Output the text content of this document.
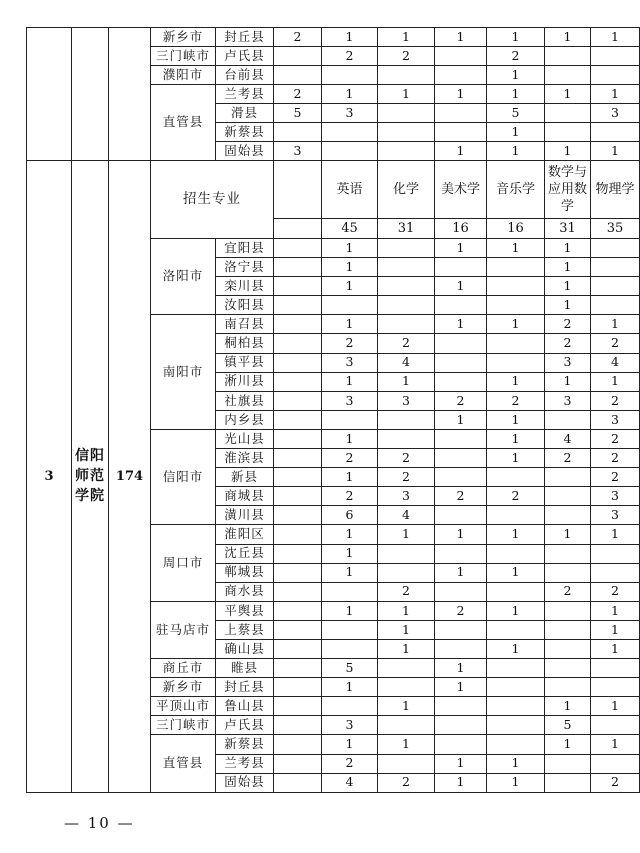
			新乡市	封丘县	2	1	1	1	1	1	1
			三门峡市	卢氏县		2	2		2		
			濮阳市	台前县					1		
			直管县	兰考县	2	1	1	1	1	1	1
				滑县	5	3			5		3
				新蔡县					1		
				固始县	3			1	1	1	1
3	信阳师范学院	174	招生专业			英语	化学	美术学	音乐学	数学与应用数学	物理学
						45	31	16	16	31	35
			洛阳市	宜阳县		1		1	1	1	
				洛宁县		1				1	
				栾川县		1		1		1	
				汝阳县						1	
			南阳市	南召县		1		1	1	2	1
				桐柏县		2	2			2	2
				镇平县		3	4			3	4
				淅川县		1	1		1	1	1
				社旗县		3	3	2	2	3	2
				内乡县				1	1		3
			信阳市	光山县		1			1	4	2
				淮滨县		2	2		1	2	2
				新县		1	2				2
				商城县		2	3	2	2		3
				潢川县		6	4				3
			周口市	淮阳区		1	1	1	1	1	1
				沈丘县		1					
				郸城县		1		1	1		
				商水县			2			2	2
			驻马店市	平舆县		1	1	2	1		1
				上蔡县			1				1
				确山县			1		1		1
			商丘市	睢县		5		1			
			新乡市	封丘县		1		1			
			平顶山市	鲁山县			1			1	1
			三门峡市	卢氏县		3				5	
			直管县	新蔡县		1	1			1	1
				兰考县		2		1	1		
				固始县		4	2	1	1		2
— 10 —
